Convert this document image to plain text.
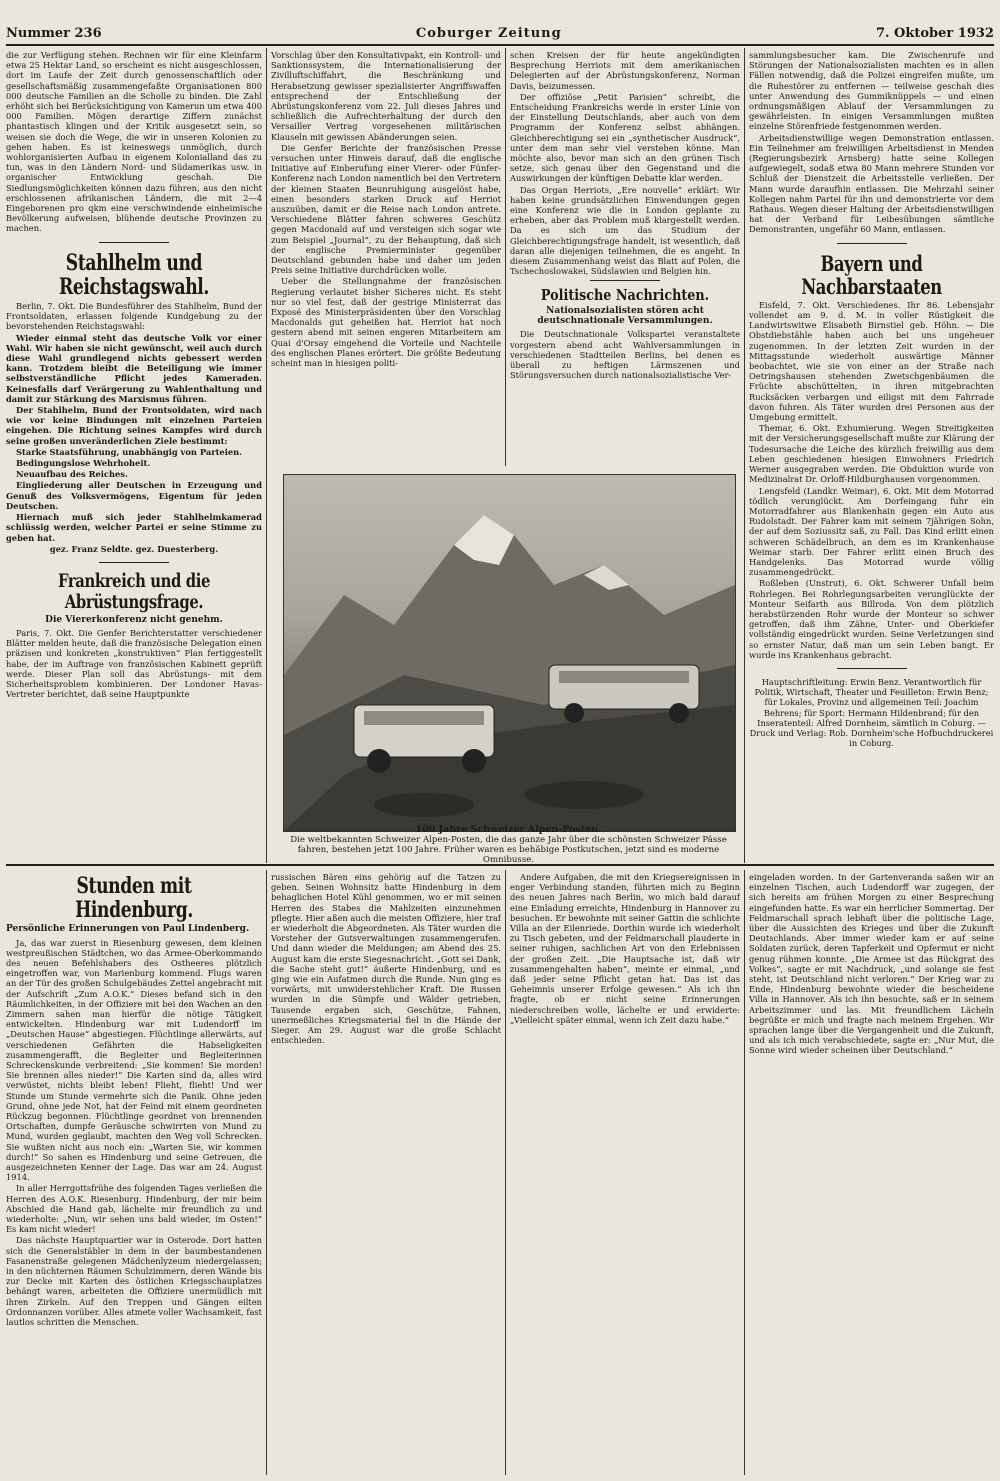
Nummer 236	Coburger Zeitung	7. Oktober 1932

die zur Verfügung stehen. Rechnen wir für eine Kleinfarm etwa 25 Hektar Land, so erscheint es nicht ausgeschlossen, dort im Laufe der Zeit durch genossenschaftlich oder gesellschaftsmäßig zusammengefaßte Organisationen 800 000 deutsche Familien an die Scholle zu binden. Die Zahl erhöht sich bei Berücksichtigung von Kamerun um etwa 400 000 Familien. Mögen derartige Ziffern zunächst phantastisch klingen und der Kritik ausgesetzt sein, so weisen sie doch die Wege, die wir in unseren Kolonien zu gehen haben. Es ist keineswegs unmöglich, durch wohlorganisierten Aufbau in eigenem Kolonialland das zu tun, was in den Ländern Nord- und Südamerikas usw. in organischer Entwicklung geschah. Die Siedlungsmöglichkeiten können dazu führen, aus den nicht erschlossenen afrikanischen Ländern, die mit 2—4 Eingeborenen pro qkm eine verschwindende einheimische Bevölkerung aufweisen, blühende deutsche Provinzen zu machen.

Stahlhelm und Reichstagswahl.

Berlin, 7. Okt. Die Bundesführer des Stahlhelm, Bund der Frontsoldaten, erlassen folgende Kundgebung zu der bevorstehenden Reichstagswahl:

Wieder einmal steht das deutsche Volk vor einer Wahl. Wir haben sie nicht gewünscht, weil auch durch diese Wahl grundlegend nichts gebessert werden kann. Trotzdem bleibt die Beteiligung wie immer selbstverständliche Pflicht jedes Kameraden. Keinesfalls darf Verärgerung zu Wahlenthaltung und damit zur Stärkung des Marxismus führen.

Der Stahlhelm, Bund der Frontsoldaten, wird nach wie vor keine Bindungen mit einzelnen Parteien eingehen. Die Richtung seines Kampfes wird durch seine großen unveränderlichen Ziele bestimmt:

Starke Staatsführung, unabhängig von Parteien.

Bedingungslose Wehrhoheit.

Neuaufbau des Reiches.

Eingliederung aller Deutschen in Erzeugung und Genuß des Volksvermögens, Eigentum für jeden Deutschen.

Hiernach muß sich jeder Stahlhelmkamerad schlüssig werden, welcher Partei er seine Stimme zu geben hat.

gez. Franz Seldte. gez. Duesterberg.

Frankreich und die Abrüstungsfrage.
Die Viererkonferenz nicht genehm.

Paris, 7. Okt. Die Genfer Berichterstatter verschiedener Blätter melden heute, daß die französische Delegation einen präzisen und konkreten „konstruktiven“ Plan fertiggestellt habe, der im Auftrage von französischen Kabinett geprüft werde. Dieser Plan soll das Abrüstungs- mit dem Sicherheitsproblem kombinieren. Der Londoner Havas-Vertreter berichtet, daß seine Hauptpunkte

Vorschlag über den Konsultativpakt, ein Kontroll- und Sanktionssystem, die Internationalisierung der Zivilluftschiffahrt, die Beschränkung und Herabsetzung gewisser spezialisierter Angriffswaffen entsprechend der Entschließung der Abrüstungskonferenz vom 22. Juli dieses Jahres und schließlich die Aufrechterhaltung der durch den Versailler Vertrag vorgesehenen militärischen Klauseln mit gewissen Abänderungen seien.

Die Genfer Berichte der französischen Presse versuchen unter Hinweis darauf, daß die englische Initiative auf Einberufung einer Vierer- oder Fünfer-Konferenz nach London namentlich bei den Vertretern der kleinen Staaten Beunruhigung ausgelöst habe, einen besonders starken Druck auf Herriot auszuüben, damit er die Reise nach London antrete. Verschiedene Blätter fahren schweres Geschütz gegen Macdonald auf und versteigen sich sogar wie zum Beispiel „Journal“, zu der Behauptung, daß sich der englische Premierminister gegenüber Deutschland gebunden habe und daher um jeden Preis seine Initiative durchdrücken wolle.

Ueber die Stellungnahme der französischen Regierung verlautet bisher Sicheres nicht. Es steht nur so viel fest, daß der gestrige Ministerrat das Exposé des Ministerpräsidenten über den Vorschlag Macdonalds gut geheißen hat. Herriot hat noch gestern abend mit seinen engeren Mitarbeitern am Quai d'Orsay eingehend die Vorteile und Nachteile des englischen Planes erörtert. Die größte Bedeutung scheint man in hiesigen politi-

schen Kreisen der für heute angekündigten Besprechung Herriots mit dem amerikanischen Delegierten auf der Abrüstungskonferenz, Norman Davis, beizumessen.

Der offiziöse „Petit Parisien“ schreibt, die Entscheidung Frankreichs werde in erster Linie von der Einstellung Deutschlands, aber auch von dem Programm der Konferenz selbst abhängen. Gleichberechtigung sei ein „synthetischer Ausdruck“, unter dem man sehr viel verstehen könne. Man möchte also, bevor man sich an den grünen Tisch setze, sich genau über den Gegenstand und die Auswirkungen der künftigen Debatte klar werden.

Das Organ Herriots, „Ere nouvelle“ erklärt: Wir haben keine grundsätzlichen Einwendungen gegen eine Konferenz wie die in London geplante zu erheben, aber das Problem muß klargestellt werden. Da es sich um das Studium der Gleichberechtigungsfrage handelt, ist wesentlich, daß daran alle diejenigen teilnehmen, die es angeht. In diesem Zusammenhang weist das Blatt auf Polen, die Tschechoslowakei, Südslawien und Belgien hin.

Politische Nachrichten.
Nationalsozialisten stören acht deutschnationale Versammlungen.

Die Deutschnationale Volkspartei veranstaltete vorgestern abend acht Wahlversammlungen in verschiedenen Stadtteilen Berlins, bei denen es überall zu heftigen Lärmszenen und Störungsversuchen durch nationalsozialistische Ver-

100 Jahre Schweizer Alpen-Posten.
Die weltbekannten Schweizer Alpen-Posten, die das ganze Jahr über die schönsten Schweizer Pässe fahren, bestehen jetzt 100 Jahre. Früher waren es behäbige Postkutschen, jetzt sind es moderne Omnibusse.

sammlungsbesucher kam. Die Zwischenrufe und Störungen der Nationalsozialisten machten es in allen Fällen notwendig, daß die Polizei eingreifen mußte, um die Ruhestörer zu entfernen — teilweise geschah dies unter Anwendung des Gummiknüppels — und einen ordnungsmäßigen Ablauf der Versammlungen zu gewährleisten. In einigen Versammlungen mußten einzelne Störenfriede festgenommen werden.

Arbeitsdienstwillige wegen Demonstration entlassen. Ein Teilnehmer am freiwilligen Arbeitsdienst in Menden (Regierungsbezirk Arnsberg) hatte seine Kollegen aufgewiegelt, sodaß etwa 80 Mann mehrere Stunden vor Schluß der Dienstzeit die Arbeitsstelle verließen. Der Mann wurde daraufhin entlassen. Die Mehrzahl seiner Kollegen nahm Partei für ihn und demonstrierte vor dem Rathaus. Wegen dieser Haltung der Arbeitsdienstwilligen hat der Verband für Leibesübungen sämtliche Demonstranten, ungefähr 60 Mann, entlassen.

Bayern und Nachbarstaaten

Eisfeld, 7. Okt. Verschiedenes. Ihr 86. Lebensjahr vollendet am 9. d. M. in voller Rüstigkeit die Landwirtswitwe Elisabeth Birnstiel geb. Höhn. — Die Obstdiebstähle haben auch bei uns ungeheuer zugenommen. In der letzten Zeit wurden in der Mittagsstunde wiederholt auswärtige Männer beobachtet, wie sie von einer an der Straße nach Oetringshausen stehenden Zwetschgenbäumen die Früchte abschüttelten, in ihren mitgebrachten Rucksäcken verbargen und eiligst mit dem Fahrrade davon fuhren. Als Täter wurden drei Personen aus der Umgebung ermittelt.

Themar, 6. Okt. Exhumierung. Wegen Streitigkeiten mit der Versicherungsgesellschaft mußte zur Klärung der Todesursache die Leiche des kürzlich freiwillig aus dem Leben geschiedenen hiesigen Einwohners Friedrich Werner ausgegraben werden. Die Obduktion wurde von Medizinalrat Dr. Orloff-Hildburghausen vorgenommen.

Lengsfeld (Landkr. Weimar), 6. Okt. Mit dem Motorrad tödlich verunglückt. Am Dorfeingang fuhr ein Motorradfahrer aus Blankenhain gegen ein Auto aus Rudolstadt. Der Fahrer kam mit seinem 7jährigen Sohn, der auf dem Soziussitz saß, zu Fall. Das Kind erlitt einen schweren Schädelbruch, an dem es im Krankenhause Weimar starb. Der Fahrer erlitt einen Bruch des Handgelenks. Das Motorrad wurde völlig zusammengedrückt.

Roßleben (Unstrut), 6. Okt. Schwerer Unfall beim Rohrlegen. Bei Rohrlegungsarbeiten verunglückte der Monteur Seifarth aus Billroda. Von dem plötzlich herabstürzenden Rohr wurde der Monteur so schwer getroffen, daß ihm Zähne, Unter- und Oberkiefer vollständig eingedrückt wurden. Seine Verletzungen sind so ernster Natur, daß man um sein Leben bangt. Er wurde ins Krankenhaus gebracht.

Hauptschriftleitung: Erwin Benz. Verantwortlich für Politik, Wirtschaft, Theater und Feuilleton: Erwin Benz; für Lokales, Provinz und allgemeinen Teil: Joachim Behrens; für Sport: Hermann Hildenbrand; für den Inseratenteil: Alfred Dornheim, sämtlich in Coburg. — Druck und Verlag: Rob. Dornheim'sche Hofbuchdruckerei in Coburg.

Stunden mit Hindenburg.
Persönliche Erinnerungen von Paul Lindenberg.

Ja, das war zuerst in Riesenburg gewesen, dem kleinen westpreußischen Städtchen, wo das Armee-Oberkommando des neuen Befehlshabers des Ostheeres plötzlich eingetroffen war, von Marienburg kommend. Flugs waren an der Tür des großen Schulgebäudes Zettel angebracht mit der Aufschrift „Zum A.O.K.“ Dieses befand sich in den Räumlichkeiten, in der Offiziere mit bei den Wachen an den Zimmern sahen man hierfür die nötige Tätigkeit entwickelten. Hindenburg war mit Ludendorff im „Deutschen Hause“ abgestiegen. Flüchtlinge allerwärts, auf verschiedenen Gefährten die Habseligkeiten zusammengerafft, die Begleiter und Begleiterinnen Schreckenskunde verbreitend: „Sie kommen! Sie morden! Sie brennen alles nieder!“ Die Karten sind da, alles wird verwüstet, nichts bleibt leben! Flieht, flieht! Und wer Stunde um Stunde vermehrte sich die Panik. Ohne jeden Grund, ohne jede Not, hat der Feind mit einem geordneten Rückzug begonnen. Flüchtlinge geordnet von brennenden Ortschaften, dumpfe Geräusche schwirrten von Mund zu Mund, wurden geglaubt, machten den Weg voll Schrecken. Sie wußten nicht aus noch ein: „Warten Sie, wir kommen durch!“ So sahen es Hindenburg und seine Getreuen, die ausgezeichneten Kenner der Lage. Das war am 24. August 1914.

In aller Herrgottsfrühe des folgenden Tages verließen die Herren des A.O.K. Riesenburg. Hindenburg, der mir beim Abschied die Hand gab, lächelte mir freundlich zu und wiederholte: „Nun, wir sehen uns bald wieder, im Osten!“ Es kam nicht wieder!

Das nächste Hauptquartier war in Osterode. Dort hatten sich die Generalstäbler in dem in der baumbestandenen Fasanenstraße gelegenen Mädchenlyzeum niedergelassen; in den nüchternen Räumen Schulzimmern, deren Wände bis zur Decke mit Karten des östlichen Kriegsschauplatzes behängt waren, arbeiteten die Offiziere unermüdlich mit ihren Zirkeln. Auf den Treppen und Gängen eilten Ordonnanzen vorüber. Alles atmete voller Wachsamkeit, fast lautlos schritten die Menschen.

russischen Bären eins gehörig auf die Tatzen zu geben. Seinen Wohnsitz hatte Hindenburg in dem behaglichen Hotel Kühl genommen, wo er mit seinen Herren des Stabes die Mahlzeiten einzunehmen pflegte. Hier aßen auch die meisten Offiziere, hier traf er wiederholt die Abgeordneten. Als Täter wurden die Vorsteher der Gutsverwaltungen zusammengerufen. Und dann wieder die Meldungen; am Abend des 25. August kam die erste Siegesnachricht. „Gott sei Dank, die Sache steht gut!“ äußerte Hindenburg, und es ging wie ein Aufatmen durch die Runde. Nun ging es vorwärts, mit unwiderstehlicher Kraft. Die Russen wurden in die Sümpfe und Wälder getrieben, Tausende ergaben sich, Geschütze, Fahnen, unermeßliches Kriegsmaterial fiel in die Hände der Sieger. Am 29. August war die große Schlacht entschieden.

Andere Aufgaben, die mit den Kriegsereignissen in enger Verbindung standen, führten mich zu Beginn des neuen Jahres nach Berlin, wo mich bald darauf eine Einladung erreichte, Hindenburg in Hannover zu besuchen. Er bewohnte mit seiner Gattin die schlichte Villa an der Eilenriede. Dorthin wurde ich wiederholt zu Tisch gebeten, und der Feldmarschall plauderte in seiner ruhigen, sachlichen Art von den Erlebnissen der großen Zeit. „Die Hauptsache ist, daß wir zusammengehalten haben“, meinte er einmal, „und daß jeder seine Pflicht getan hat. Das ist das Geheimnis unserer Erfolge gewesen.“ Als ich ihn fragte, ob er nicht seine Erinnerungen niederschreiben wolle, lächelte er und erwiderte: „Vielleicht später einmal, wenn ich Zeit dazu habe.“

eingeladen worden. In der Gartenveranda saßen wir an einzelnen Tischen, auch Ludendorff war zugegen, der sich bereits am frühen Morgen zu einer Besprechung eingefunden hatte. Es war ein herrlicher Sommertag. Der Feldmarschall sprach lebhaft über die politische Lage, über die Aussichten des Krieges und über die Zukunft Deutschlands. Aber immer wieder kam er auf seine Soldaten zurück, deren Tapferkeit und Opfermut er nicht genug rühmen konnte. „Die Armee ist das Rückgrat des Volkes“, sagte er mit Nachdruck, „und solange sie fest steht, ist Deutschland nicht verloren.“ Der Krieg war zu Ende, Hindenburg bewohnte wieder die bescheidene Villa in Hannover. Als ich ihn besuchte, saß er in seinem Arbeitszimmer und las. Mit freundlichem Lächeln begrüßte er mich und fragte nach meinem Ergehen. Wir sprachen lange über die Vergangenheit und die Zukunft, und als ich mich verabschiedete, sagte er: „Nur Mut, die Sonne wird wieder scheinen über Deutschland.“
